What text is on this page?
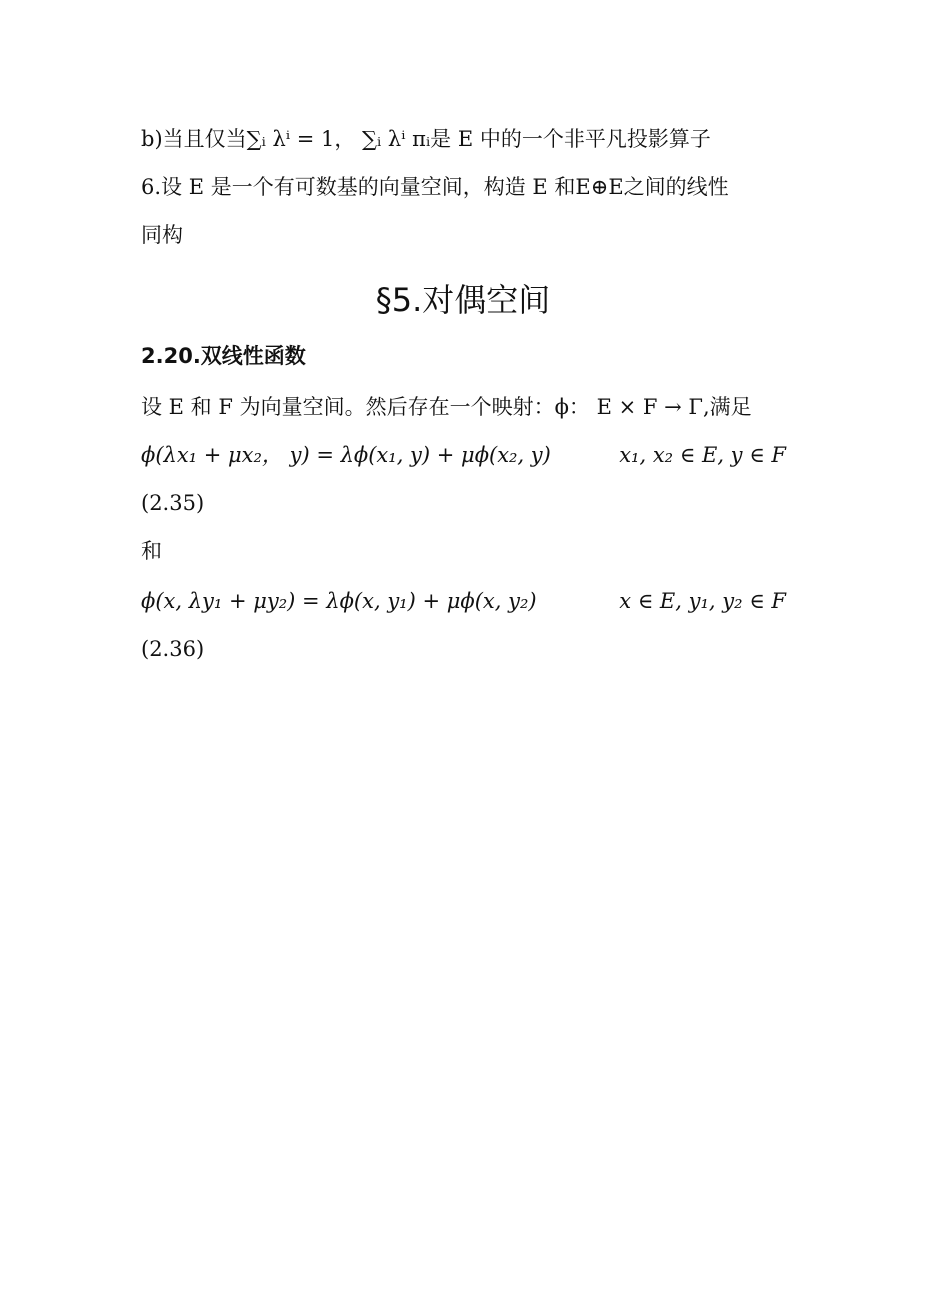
b)当且仅当∑ᵢ λⁱ = 1， ∑ᵢ λⁱ πᵢ是 E 中的一个非平凡投影算子
6.设 E 是一个有可数基的向量空间，构造 E 和E⊕E之间的线性
同构
§5.对偶空间
2.20.双线性函数
设 E 和 F 为向量空间。然后存在一个映射：ϕ： E × F → Γ,满足
ϕ(λx₁ + μx₂， y) = λϕ(x₁, y) + μϕ(x₂, y)	x₁, x₂ ∈ E, y ∈ F
(2.35)
和
ϕ(x, λy₁ + μy₂) = λϕ(x, y₁) + μϕ(x, y₂)	x ∈ E, y₁, y₂ ∈ F
(2.36)
